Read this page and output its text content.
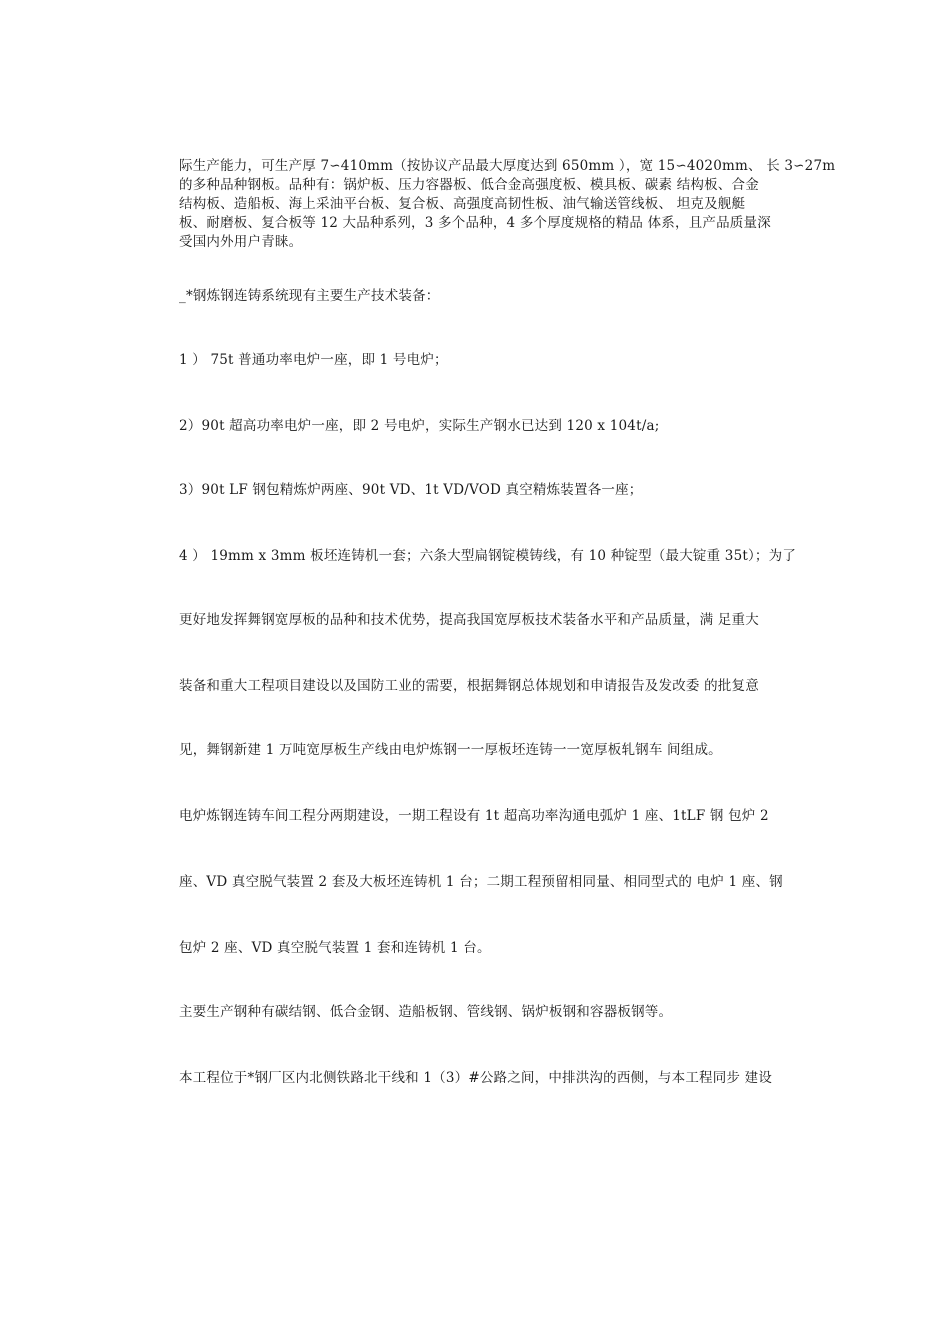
际生产能力，可生产厚 7∽410mm（按协议产品最大厚度达到 650mm ），宽 15∽4020mm、 长 3∽27m
的多种品种钢板。品种有：锅炉板、压力容器板、低合金高强度板、模具板、碳素 结构板、合金
结构板、造船板、海上采油平台板、复合板、高强度高韧性板、油气输送管线板、 坦克及舰艇
板、耐磨板、复合板等 12 大品种系列，3 多个品种，4 多个厚度规格的精品 体系，且产品质量深
受国内外用户青睐。
_*钢炼钢连铸系统现有主要生产技术装备：
1 ） 75t 普通功率电炉一座，即 1 号电炉；
2）90t 超高功率电炉一座，即 2 号电炉，实际生产钢水已达到 120 x 104t/a;
3）90t LF 钢包精炼炉两座、90t VD、1t VD/VOD 真空精炼装置各一座；
4 ） 19mm x 3mm 板坯连铸机一套；六条大型扁钢锭模铸线，有 10 种锭型（最大锭重 35t）；为了
更好地发挥舞钢宽厚板的品种和技术优势，提高我国宽厚板技术装备水平和产品质量，满 足重大
装备和重大工程项目建设以及国防工业的需要，根据舞钢总体规划和申请报告及发改委 的批复意
见，舞钢新建 1 万吨宽厚板生产线由电炉炼钢一一厚板坯连铸一一宽厚板轧钢车 间组成。
电炉炼钢连铸车间工程分两期建设，一期工程设有 1t 超高功率沟通电弧炉 1 座、1tLF 钢 包炉 2
座、VD 真空脱气装置 2 套及大板坯连铸机 1 台；二期工程预留相同量、相同型式的 电炉 1 座、钢
包炉 2 座、VD 真空脱气装置 1 套和连铸机 1 台。
主要生产钢种有碳结钢、低合金钢、造船板钢、管线钢、锅炉板钢和容器板钢等。
本工程位于*钢厂区内北侧铁路北干线和 1（3）#公路之间，中排洪沟的西侧，与本工程同步 建设
